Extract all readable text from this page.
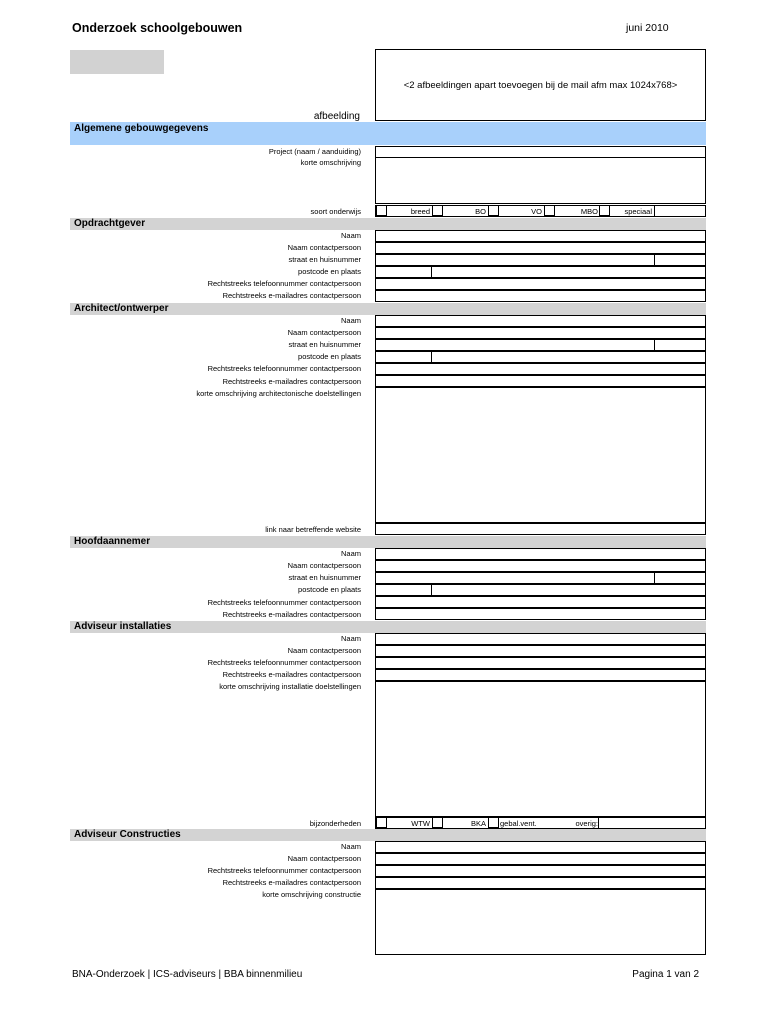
Onderzoek schoolgebouwen	juni 2010
<2 afbeeldingen apart toevoegen bij de mail afm max 1024x768>
afbeelding
Algemene gebouwgegevens
Project (naam / aanduiding)
korte omschrijving
soort onderwijs	breed	BO	VO	MBO	speciaal
Opdrachtgever
Naam
Naam contactpersoon
straat en huisnummer
postcode en plaats
Rechtstreeks telefoonnummer contactpersoon
Rechtstreeks e-mailadres contactpersoon
Architect/ontwerper
Naam
Naam contactpersoon
straat en huisnummer
postcode en plaats
Rechtstreeks telefoonnummer contactpersoon
Rechtstreeks e-mailadres contactpersoon
korte omschrijving architectonische doelstellingen
link naar betreffende website
Hoofdaannemer
Naam
Naam contactpersoon
straat en huisnummer
postcode en plaats
Rechtstreeks telefoonnummer contactpersoon
Rechtstreeks e-mailadres contactpersoon
Adviseur installaties
Naam
Naam contactpersoon
Rechtstreeks telefoonnummer contactpersoon
Rechtstreeks e-mailadres contactpersoon
korte omschrijving installatie doelstellingen
bijzonderheden	WTW	BKA gebal.vent.	overig:
Adviseur Constructies
Naam
Naam contactpersoon
Rechtstreeks telefoonnummer contactpersoon
Rechtstreeks e-mailadres contactpersoon
korte omschrijving constructie
BNA-Onderzoek | ICS-adviseurs | BBA binnenmilieu	Pagina 1 van 2
